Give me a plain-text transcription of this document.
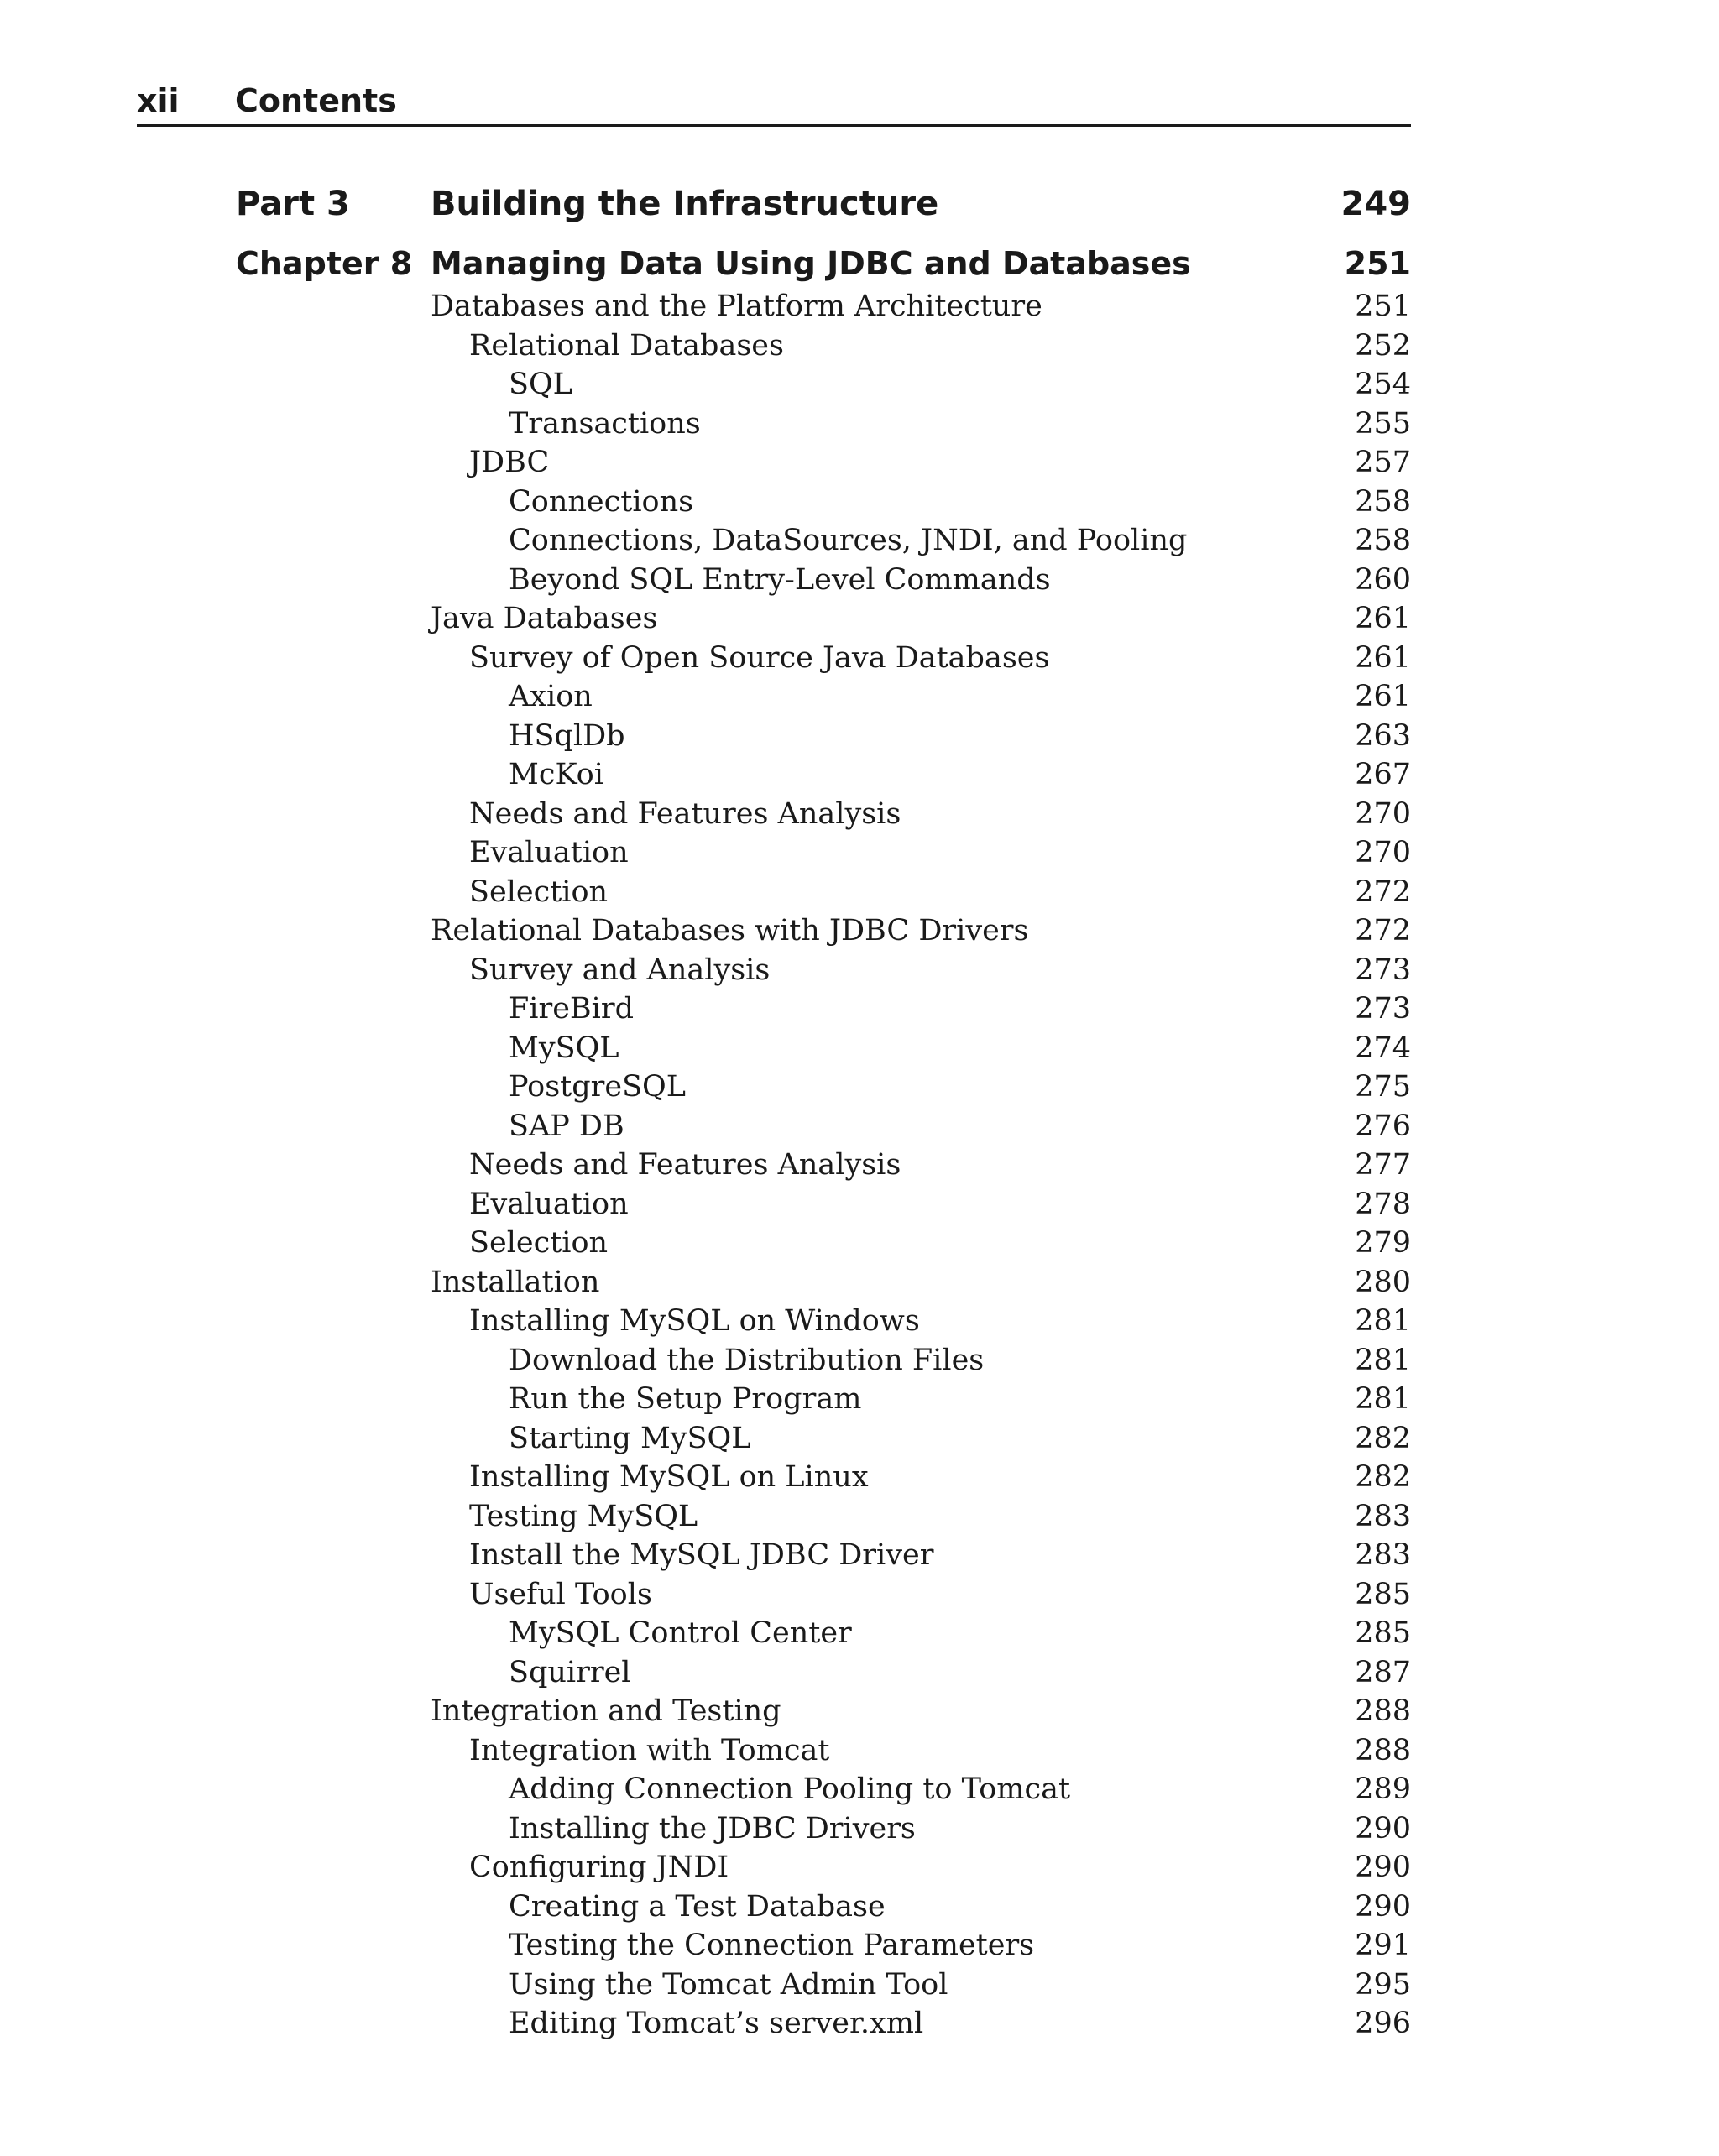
xii Contents
Part 3 Building the Infrastructure	249
Chapter 8 Managing Data Using JDBC and Databases	251
Databases and the Platform Architecture	251
Relational Databases	252
SQL	254
Transactions	255
JDBC	257
Connections	258
Connections, DataSources, JNDI, and Pooling	258
Beyond SQL Entry-Level Commands	260
Java Databases	261
Survey of Open Source Java Databases	261
Axion	261
HSqlDb	263
McKoi	267
Needs and Features Analysis	270
Evaluation	270
Selection	272
Relational Databases with JDBC Drivers	272
Survey and Analysis	273
FireBird	273
MySQL	274
PostgreSQL	275
SAP DB	276
Needs and Features Analysis	277
Evaluation	278
Selection	279
Installation	280
Installing MySQL on Windows	281
Download the Distribution Files	281
Run the Setup Program	281
Starting MySQL	282
Installing MySQL on Linux	282
Testing MySQL	283
Install the MySQL JDBC Driver	283
Useful Tools	285
MySQL Control Center	285
Squirrel	287
Integration and Testing	288
Integration with Tomcat	288
Adding Connection Pooling to Tomcat	289
Installing the JDBC Drivers	290
Configuring JNDI	290
Creating a Test Database	290
Testing the Connection Parameters	291
Using the Tomcat Admin Tool	295
Editing Tomcat’s server.xml	296
